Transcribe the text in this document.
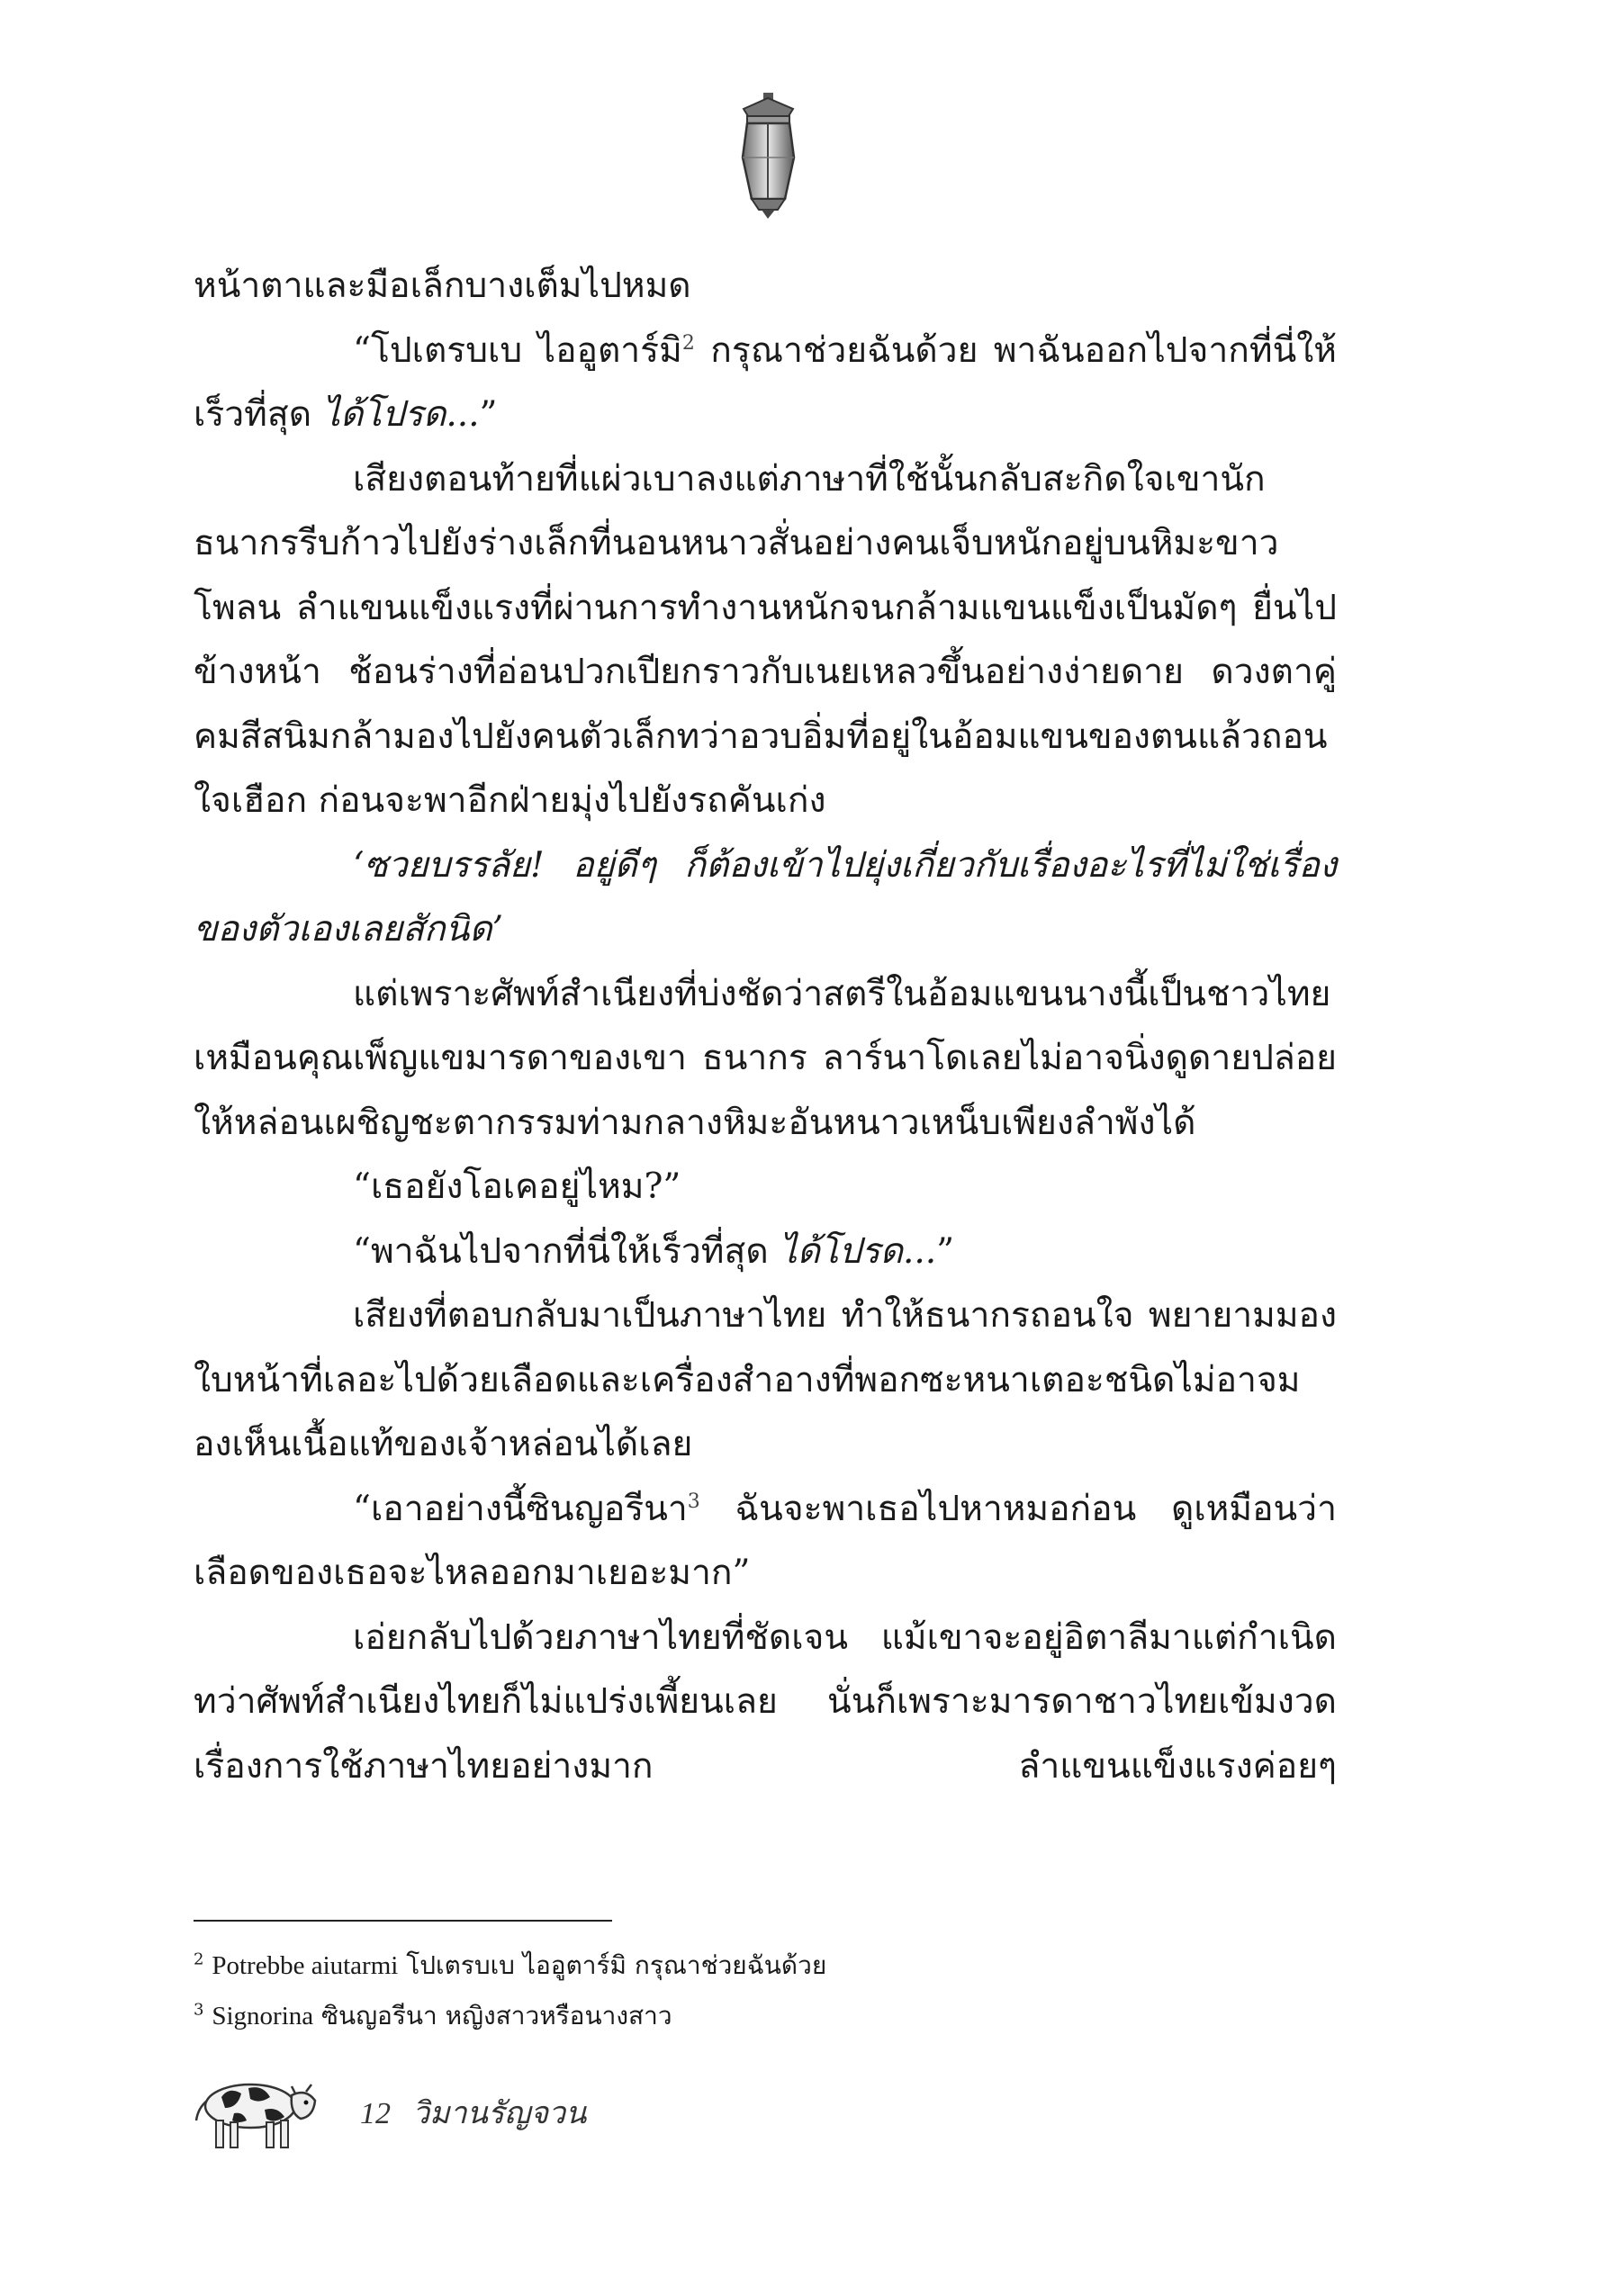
หน้าตาและมือเล็กบางเต็มไปหมด

“โปเตรบเบ ไออูตาร์มิ$^2$ กรุณาช่วยฉันด้วย พาฉันออกไปจากที่นี่ให้เร็วที่สุด ได้โปรด...”

เสียงตอนท้ายที่แผ่วเบาลงแต่ภาษาที่ใช้นั้นกลับสะกิดใจเขานัก ธนากรรีบก้าวไปยังร่างเล็กที่นอนหนาวสั่นอย่างคนเจ็บหนักอยู่บนหิมะขาวโพลน ลำแขนแข็งแรงที่ผ่านการทำงานหนักจนกล้ามแขนแข็งเป็นมัดๆ ยื่นไปข้างหน้า ช้อนร่างที่อ่อนปวกเปียกราวกับเนยเหลวขึ้นอย่างง่ายดาย ดวงตาคู่คมสีสนิมกล้ามองไปยังคนตัวเล็กทว่าอวบอิ่มที่อยู่ในอ้อมแขนของตนแล้วถอนใจเฮือก ก่อนจะพาอีกฝ่ายมุ่งไปยังรถคันเก่ง

‘ซวยบรรลัย! อยู่ดีๆ ก็ต้องเข้าไปยุ่งเกี่ยวกับเรื่องอะไรที่ไม่ใช่เรื่องของตัวเองเลยสักนิด’

แต่เพราะศัพท์สำเนียงที่บ่งชัดว่าสตรีในอ้อมแขนนางนี้เป็นชาวไทยเหมือนคุณเพ็ญแขมารดาของเขา ธนากร ลาร์นาโดเลยไม่อาจนิ่งดูดายปล่อยให้หล่อนเผชิญชะตากรรมท่ามกลางหิมะอันหนาวเหน็บเพียงลำพังได้

“เธอยังโอเคอยู่ไหม?”

“พาฉันไปจากที่นี่ให้เร็วที่สุด ได้โปรด...”

เสียงที่ตอบกลับมาเป็นภาษาไทย ทำให้ธนากรถอนใจ พยายามมองใบหน้าที่เลอะไปด้วยเลือดและเครื่องสำอางที่พอกซะหนาเตอะชนิดไม่อาจมองเห็นเนื้อแท้ของเจ้าหล่อนได้เลย

“เอาอย่างนี้ซินญอรีนา$^3$ ฉันจะพาเธอไปหาหมอก่อน ดูเหมือนว่าเลือดของเธอจะไหลออกมาเยอะมาก”

เอ่ยกลับไปด้วยภาษาไทยที่ชัดเจน แม้เขาจะอยู่อิตาลีมาแต่กำเนิด ทว่าศัพท์สำเนียงไทยก็ไม่แปร่งเพี้ยนเลย นั่นก็เพราะมารดาชาวไทยเข้มงวดเรื่องการใช้ภาษาไทยอย่างมาก ลำแขนแข็งแรงค่อยๆ

$^2$ Potrebbe aiutarmi โปเตรบเบ ไออูตาร์มิ กรุณาช่วยฉันด้วย

$^3$ Signorina ซินญอรีนา หญิงสาวหรือนางสาว

12 วิมานรัญจวน
